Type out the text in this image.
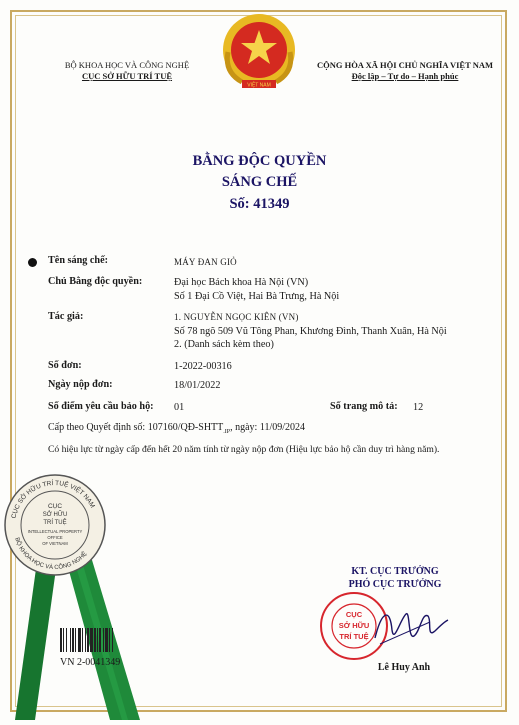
BỘ KHOA HỌC VÀ CÔNG NGHỆ
CỤC SỞ HỮU TRÍ TUỆ
VIỆT NAM
CỘNG HÒA XÃ HỘI CHỦ NGHĨA VIỆT NAM
Độc lập – Tự do – Hạnh phúc
BẰNG ĐỘC QUYỀN
SÁNG CHẾ
Số: 41349
Tên sáng chế:	MÁY ĐAN GIỎ
Chủ Bằng độc quyền:	Đại học Bách khoa Hà Nội (VN)
Số 1 Đại Cồ Việt, Hai Bà Trưng, Hà Nội
Tác giả:	1. NGUYỄN NGỌC KIÊN (VN)
Số 78 ngõ 509 Vũ Tông Phan, Khương Đình, Thanh Xuân, Hà Nội
2. (Danh sách kèm theo)
Số đơn:	1-2022-00316
Ngày nộp đơn:	18/01/2022
Số điểm yêu cầu bảo hộ: 01	Số trang mô tả: 12
Cấp theo Quyết định số: $107160/QĐ-SHTT_{.IP}$, ngày: 11/09/2024
Có hiệu lực từ ngày cấp đến hết 20 năm tính từ ngày nộp đơn (Hiệu lực bảo hộ cần duy trì hàng năm).
CỤC SỞ HỮU TRÍ TUỆ VIỆT NAM
BỘ KHOA HỌC VÀ CÔNG NGHỆ
CỤC
SỞ HỮU
TRÍ TUỆ
INTELLECTUAL PROPERTY
OFFICE
OF VIETNAM
VN 2-0041349
KT. CỤC TRƯỞNG
PHÓ CỤC TRƯỞNG
CỤC
SỞ HỮU
TRÍ TUỆ
Lê Huy Anh
